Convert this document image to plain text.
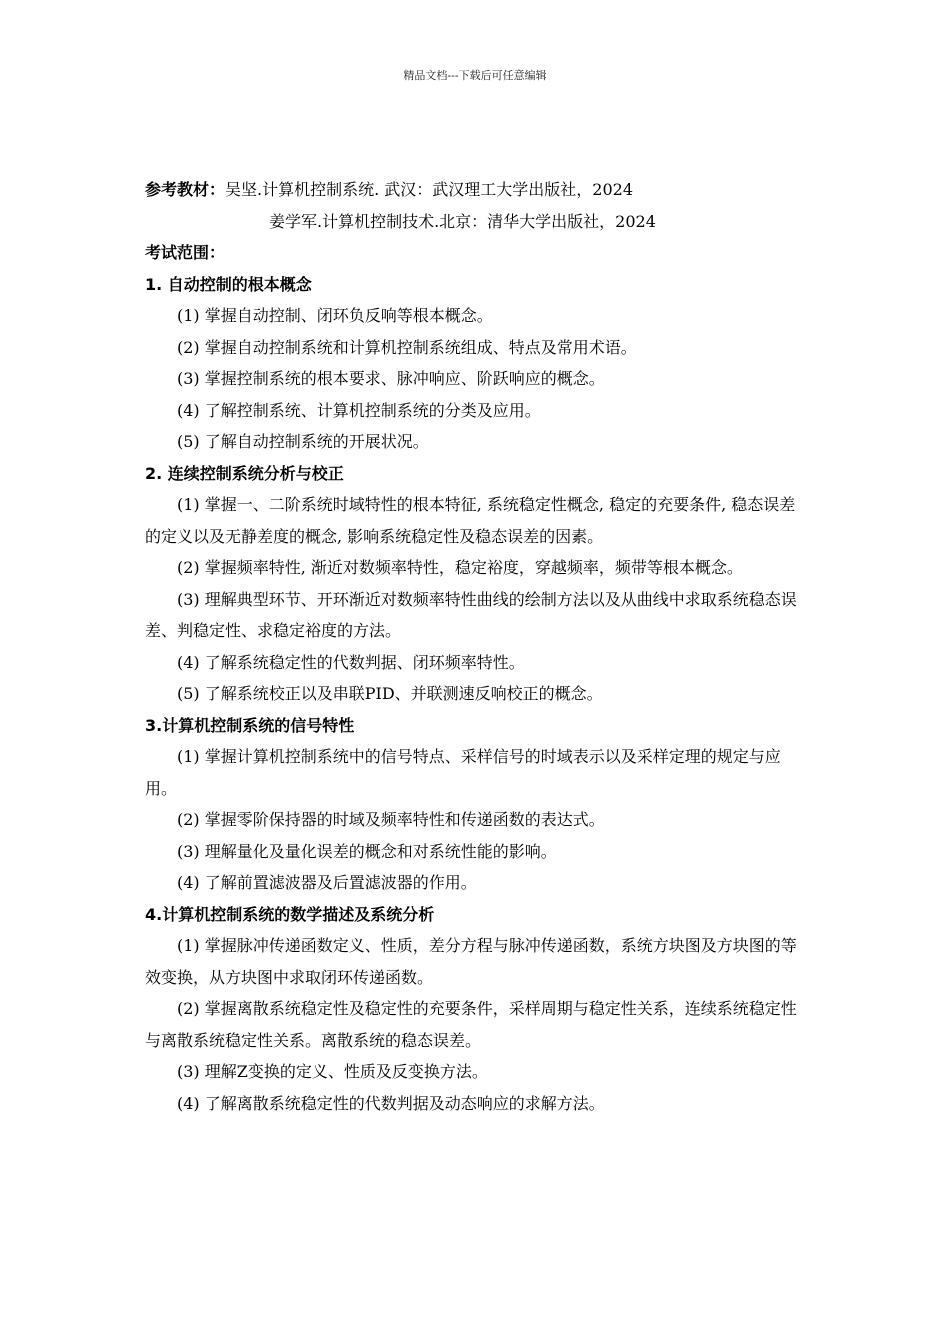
精品文档---下载后可任意编辑
参考教材：吴坚.计算机控制系统. 武汉：武汉理工大学出版社，2024
姜学军.计算机控制技术.北京：清华大学出版社，2024
考试范围：
1. 自动控制的根本概念
(1) 掌握自动控制、闭环负反响等根本概念。
(2) 掌握自动控制系统和计算机控制系统组成、特点及常用术语。
(3) 掌握控制系统的根本要求、脉冲响应、阶跃响应的概念。
(4) 了解控制系统、计算机控制系统的分类及应用。
(5) 了解自动控制系统的开展状况。
2. 连续控制系统分析与校正
(1) 掌握一、二阶系统时域特性的根本特征, 系统稳定性概念, 稳定的充要条件, 稳态误差的定义以及无静差度的概念, 影响系统稳定性及稳态误差的因素。
(2) 掌握频率特性, 渐近对数频率特性，稳定裕度，穿越频率，频带等根本概念。
(3) 理解典型环节、开环渐近对数频率特性曲线的绘制方法以及从曲线中求取系统稳态误差、判稳定性、求稳定裕度的方法。
(4) 了解系统稳定性的代数判据、闭环频率特性。
(5) 了解系统校正以及串联PID、并联测速反响校正的概念。
3.计算机控制系统的信号特性
(1) 掌握计算机控制系统中的信号特点、采样信号的时域表示以及采样定理的规定与应用。
(2) 掌握零阶保持器的时域及频率特性和传递函数的表达式。
(3) 理解量化及量化误差的概念和对系统性能的影响。
(4) 了解前置滤波器及后置滤波器的作用。
4.计算机控制系统的数学描述及系统分析
(1) 掌握脉冲传递函数定义、性质，差分方程与脉冲传递函数，系统方块图及方块图的等效变换，从方块图中求取闭环传递函数。
(2) 掌握离散系统稳定性及稳定性的充要条件，采样周期与稳定性关系，连续系统稳定性与离散系统稳定性关系。离散系统的稳态误差。
(3) 理解Z变换的定义、性质及反变换方法。
(4) 了解离散系统稳定性的代数判据及动态响应的求解方法。
